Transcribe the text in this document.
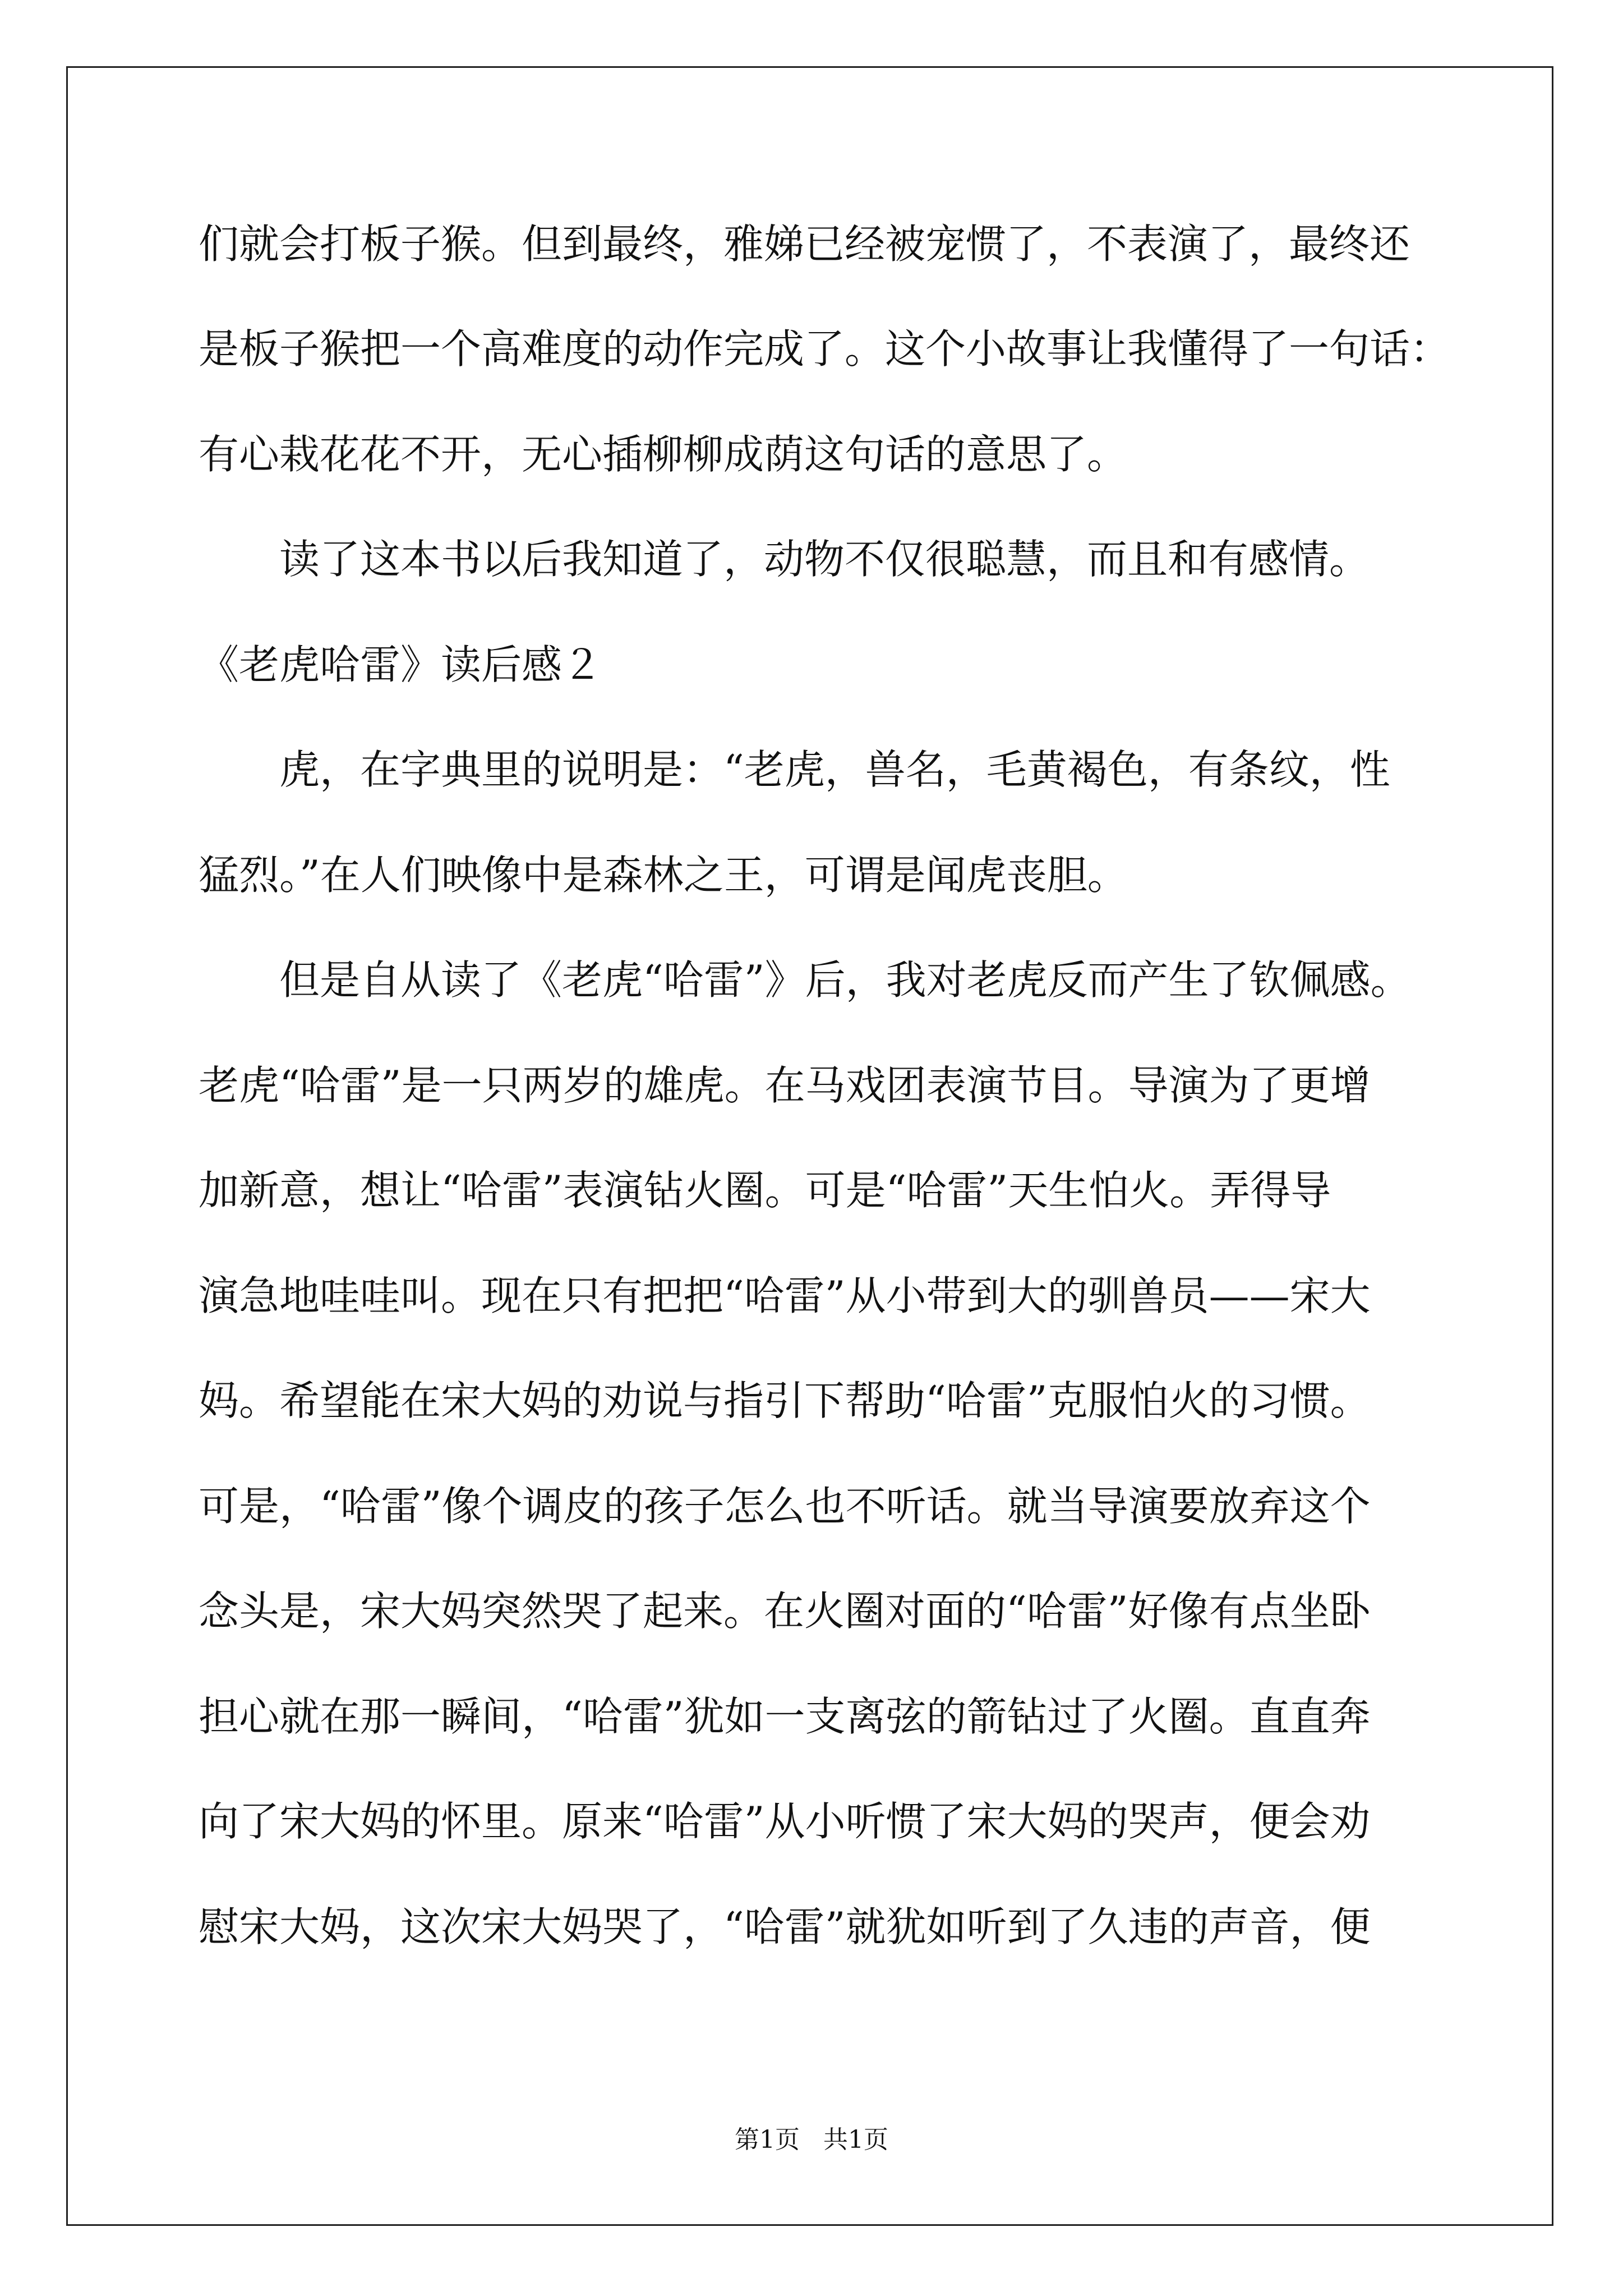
们就会打板子猴。但到最终，雅娣已经被宠惯了，不表演了，最终还
是板子猴把一个高难度的动作完成了。这个小故事让我懂得了一句话：
有心栽花花不开，无心插柳柳成荫这句话的意思了。
读了这本书以后我知道了，动物不仅很聪慧，而且和有感情。
《老虎哈雷》读后感２
虎，在字典里的说明是：“老虎，兽名，毛黄褐色，有条纹，性
猛烈。”在人们映像中是森林之王，可谓是闻虎丧胆。
但是自从读了《老虎“哈雷”》后，我对老虎反而产生了钦佩感。
老虎“哈雷”是一只两岁的雄虎。在马戏团表演节目。导演为了更增
加新意，想让“哈雷”表演钻火圈。可是“哈雷”天生怕火。弄得导
演急地哇哇叫。现在只有把把“哈雷”从小带到大的驯兽员——宋大
妈。希望能在宋大妈的劝说与指引下帮助“哈雷”克服怕火的习惯。
可是，“哈雷”像个调皮的孩子怎么也不听话。就当导演要放弃这个
念头是，宋大妈突然哭了起来。在火圈对面的“哈雷”好像有点坐卧
担心就在那一瞬间，“哈雷”犹如一支离弦的箭钻过了火圈。直直奔
向了宋大妈的怀里。原来“哈雷”从小听惯了宋大妈的哭声，便会劝
慰宋大妈，这次宋大妈哭了，“哈雷”就犹如听到了久违的声音，便
第1页   共1页
